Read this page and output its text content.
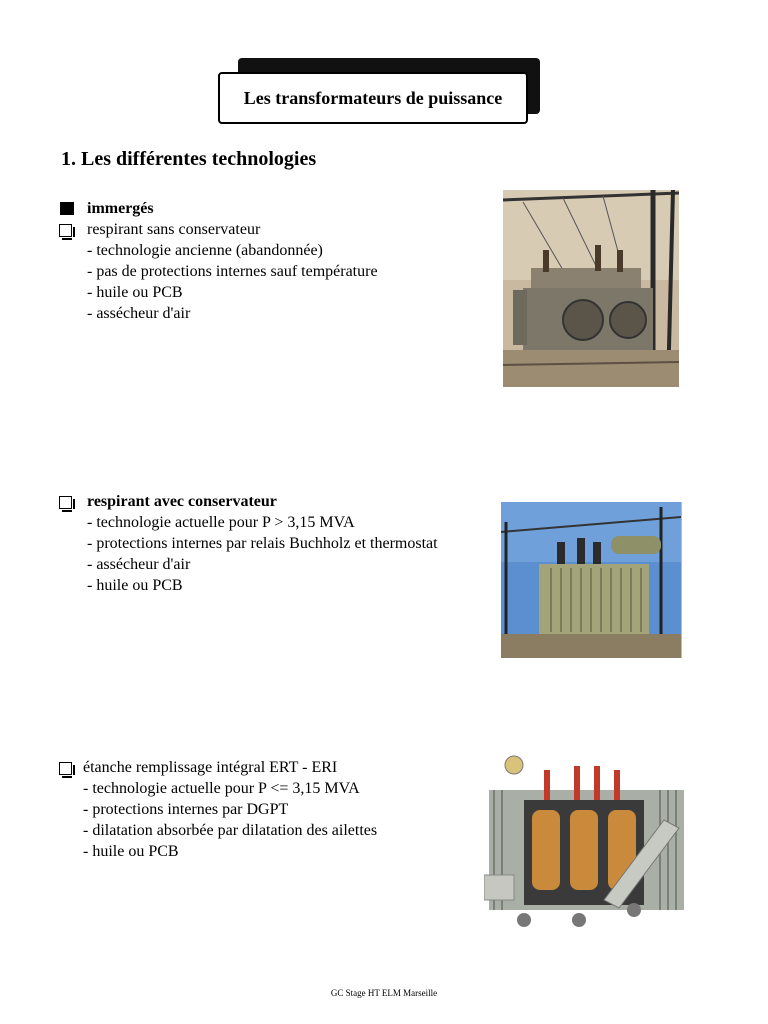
Les transformateurs de puissance
1. Les différentes technologies
immergés
respirant sans conservateur
- technologie ancienne (abandonnée)
- pas de protections internes sauf température
- huile ou PCB
- assécheur d'air
respirant avec conservateur
- technologie actuelle pour P > 3,15 MVA
- protections internes par relais Buchholz et thermostat
- assécheur d'air
- huile ou PCB
étanche remplissage intégral ERT - ERI
- technologie actuelle pour P <= 3,15 MVA
- protections internes par DGPT
- dilatation absorbée par dilatation des ailettes
- huile ou PCB
GC Stage HT ELM Marseille
